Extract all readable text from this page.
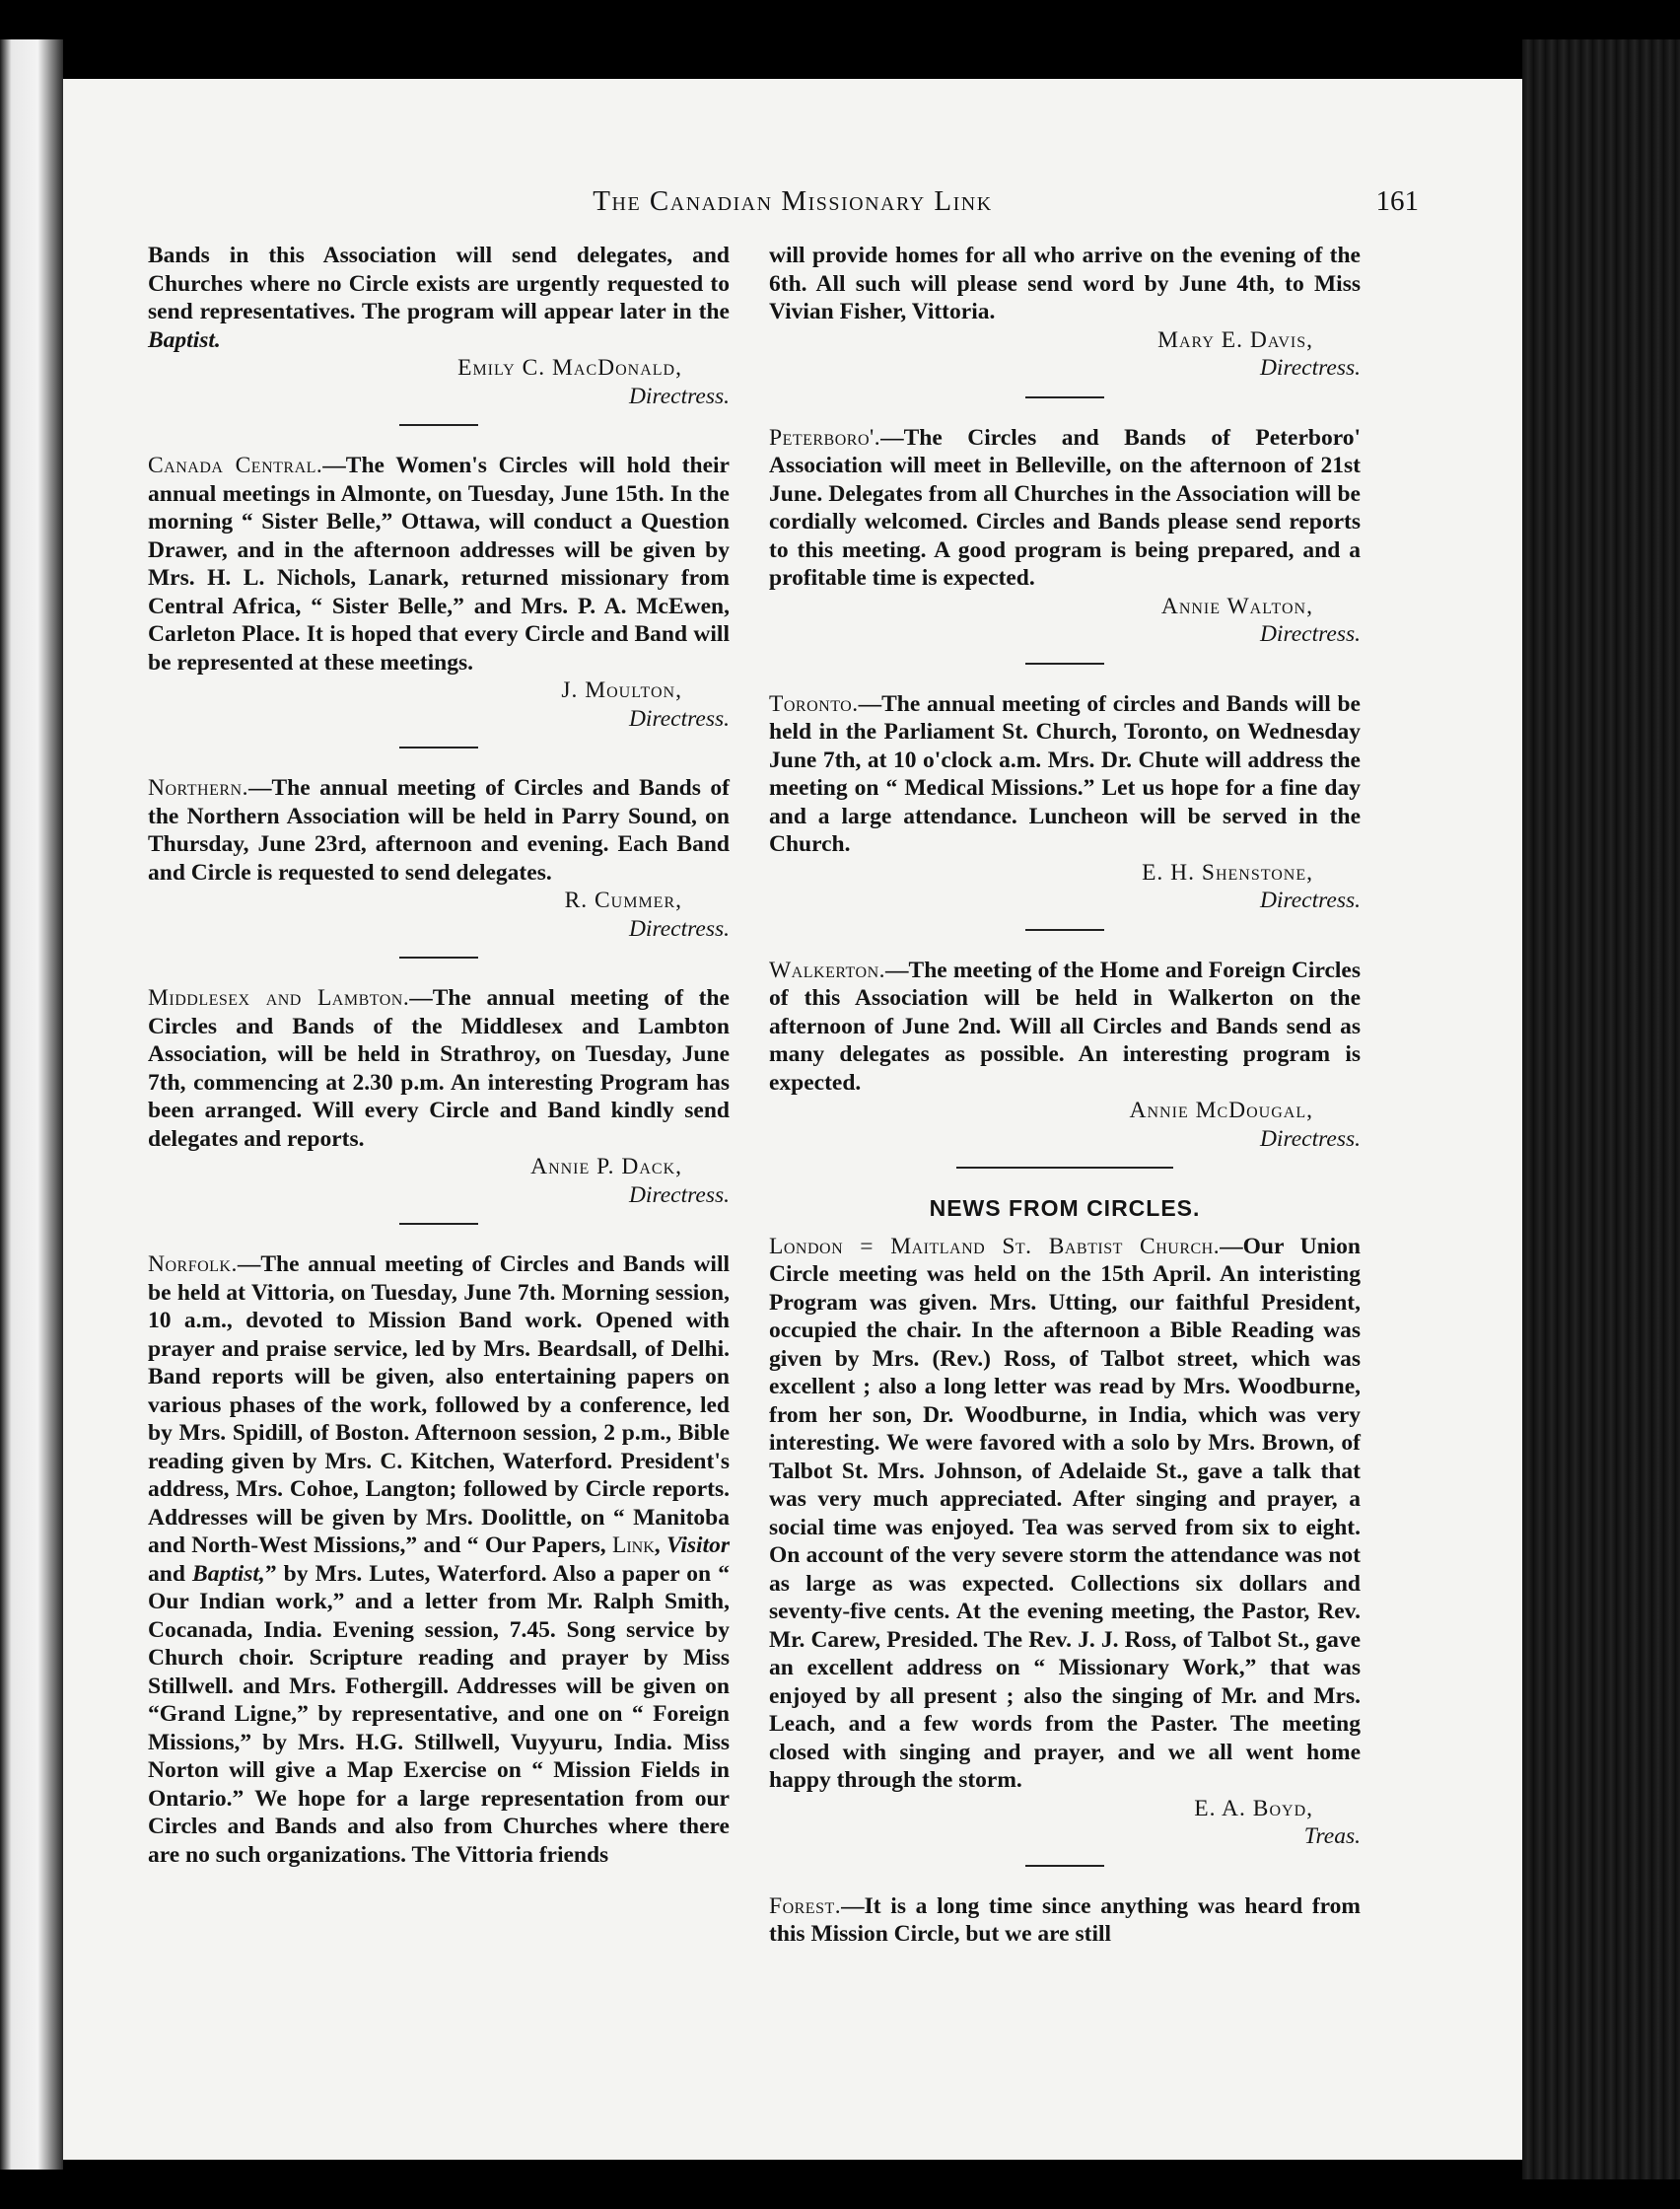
The Canadian Missionary Link	161

Bands in this Association will send delegates, and Churches where no Circle exists are urgently requested to send representatives. The program will appear later in the Baptist.

Emily C. MacDonald,
Directress.

Canada Central.—The Women's Circles will hold their annual meetings in Almonte, on Tuesday, June 15th. In the morning “ Sister Belle,” Ottawa, will conduct a Question Drawer, and in the afternoon addresses will be given by Mrs. H. L. Nichols, Lanark, returned missionary from Central Africa, “ Sister Belle,” and Mrs. P. A. McEwen, Carleton Place. It is hoped that every Circle and Band will be represented at these meetings.

J. Moulton,
Directress.

Northern.—The annual meeting of Circles and Bands of the Northern Association will be held in Parry Sound, on Thursday, June 23rd, afternoon and evening. Each Band and Circle is requested to send delegates.

R. Cummer,
Directress.

Middlesex and Lambton.—The annual meeting of the Circles and Bands of the Middlesex and Lambton Association, will be held in Strathroy, on Tuesday, June 7th, commencing at 2.30 p.m. An interesting Program has been arranged. Will every Circle and Band kindly send delegates and reports.

Annie P. Dack,
Directress.

Norfolk.—The annual meeting of Circles and Bands will be held at Vittoria, on Tuesday, June 7th. Morning session, 10 a.m., devoted to Mission Band work. Opened with prayer and praise service, led by Mrs. Beardsall, of Delhi. Band reports will be given, also entertaining papers on various phases of the work, followed by a conference, led by Mrs. Spidill, of Boston. Afternoon session, 2 p.m., Bible reading given by Mrs. C. Kitchen, Waterford. President's address, Mrs. Cohoe, Langton; followed by Circle reports. Addresses will be given by Mrs. Doolittle, on “ Manitoba and North-West Missions,” and “ Our Papers, Link, Visitor and Baptist,” by Mrs. Lutes, Waterford. Also a paper on “ Our Indian work,” and a letter from Mr. Ralph Smith, Cocanada, India. Evening session, 7.45. Song service by Church choir. Scripture reading and prayer by Miss Stillwell. and Mrs. Fothergill. Addresses will be given on “Grand Ligne,” by representative, and one on “ Foreign Missions,” by Mrs. H.G. Stillwell, Vuyyuru, India. Miss Norton will give a Map Exercise on “ Mission Fields in Ontario.” We hope for a large representation from our Circles and Bands and also from Churches where there are no such organizations. The Vittoria friends

will provide homes for all who arrive on the evening of the 6th. All such will please send word by June 4th, to Miss Vivian Fisher, Vittoria.

Mary E. Davis,
Directress.

Peterboro'.—The Circles and Bands of Peterboro' Association will meet in Belleville, on the afternoon of 21st June. Delegates from all Churches in the Association will be cordially welcomed. Circles and Bands please send reports to this meeting. A good program is being prepared, and a profitable time is expected.

Annie Walton,
Directress.

Toronto.—The annual meeting of circles and Bands will be held in the Parliament St. Church, Toronto, on Wednesday June 7th, at 10 o'clock a.m. Mrs. Dr. Chute will address the meeting on “ Medical Missions.” Let us hope for a fine day and a large attendance. Luncheon will be served in the Church.

E. H. Shenstone,
Directress.

Walkerton.—The meeting of the Home and Foreign Circles of this Association will be held in Walkerton on the afternoon of June 2nd. Will all Circles and Bands send as many delegates as possible. An interesting program is expected.

Annie McDougal,
Directress.

NEWS FROM CIRCLES.

London = Maitland St. Babtist Church.—Our Union Circle meeting was held on the 15th April. An interisting Program was given. Mrs. Utting, our faithful President, occupied the chair. In the afternoon a Bible Reading was given by Mrs. (Rev.) Ross, of Talbot street, which was excellent ; also a long letter was read by Mrs. Woodburne, from her son, Dr. Woodburne, in India, which was very interesting. We were favored with a solo by Mrs. Brown, of Talbot St. Mrs. Johnson, of Adelaide St., gave a talk that was very much appreciated. After singing and prayer, a social time was enjoyed. Tea was served from six to eight. On account of the very severe storm the attendance was not as large as was expected. Collections six dollars and seventy-five cents. At the evening meeting, the Pastor, Rev. Mr. Carew, Presided. The Rev. J. J. Ross, of Talbot St., gave an excellent address on “ Missionary Work,” that was enjoyed by all present ; also the singing of Mr. and Mrs. Leach, and a few words from the Paster. The meeting closed with singing and prayer, and we all went home happy through the storm.

E. A. Boyd,
Treas.

Forest.—It is a long time since anything was heard from this Mission Circle, but we are still
